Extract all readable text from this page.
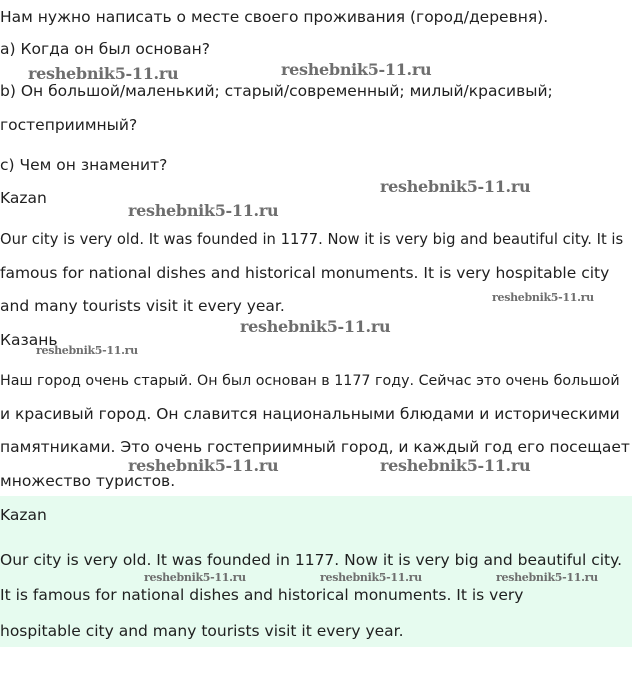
Нам нужно написать о месте своего проживания (город/деревня).
a) Когда он был основан?
b) Он большой/маленький; старый/современный; милый/красивый;
гостеприимный?
c) Чем он знаменит?
Kazan
Our city is very old. It was founded in 1177. Now it is very big and beautiful city. It is
famous for national dishes and historical monuments. It is very hospitable city
and many tourists visit it every year.
Казань
Наш город очень старый. Он был основан в 1177 году. Сейчас это очень большой
и красивый город. Он славится национальными блюдами и историческими
памятниками. Это очень гостеприимный город, и каждый год его посещает
множество туристов.
Kazan
Our city is very old. It was founded in 1177. Now it is very big and beautiful city.
It is famous for national dishes and historical monuments. It is very
hospitable city and many tourists visit it every year.
reshebnik5-11.ru	reshebnik5-11.ru
reshebnik5-11.ru
reshebnik5-11.ru
reshebnik5-11.ru
reshebnik5-11.ru
reshebnik5-11.ru
reshebnik5-11.ru	reshebnik5-11.ru
reshebnik5-11.ru	reshebnik5-11.ru	reshebnik5-11.ru
